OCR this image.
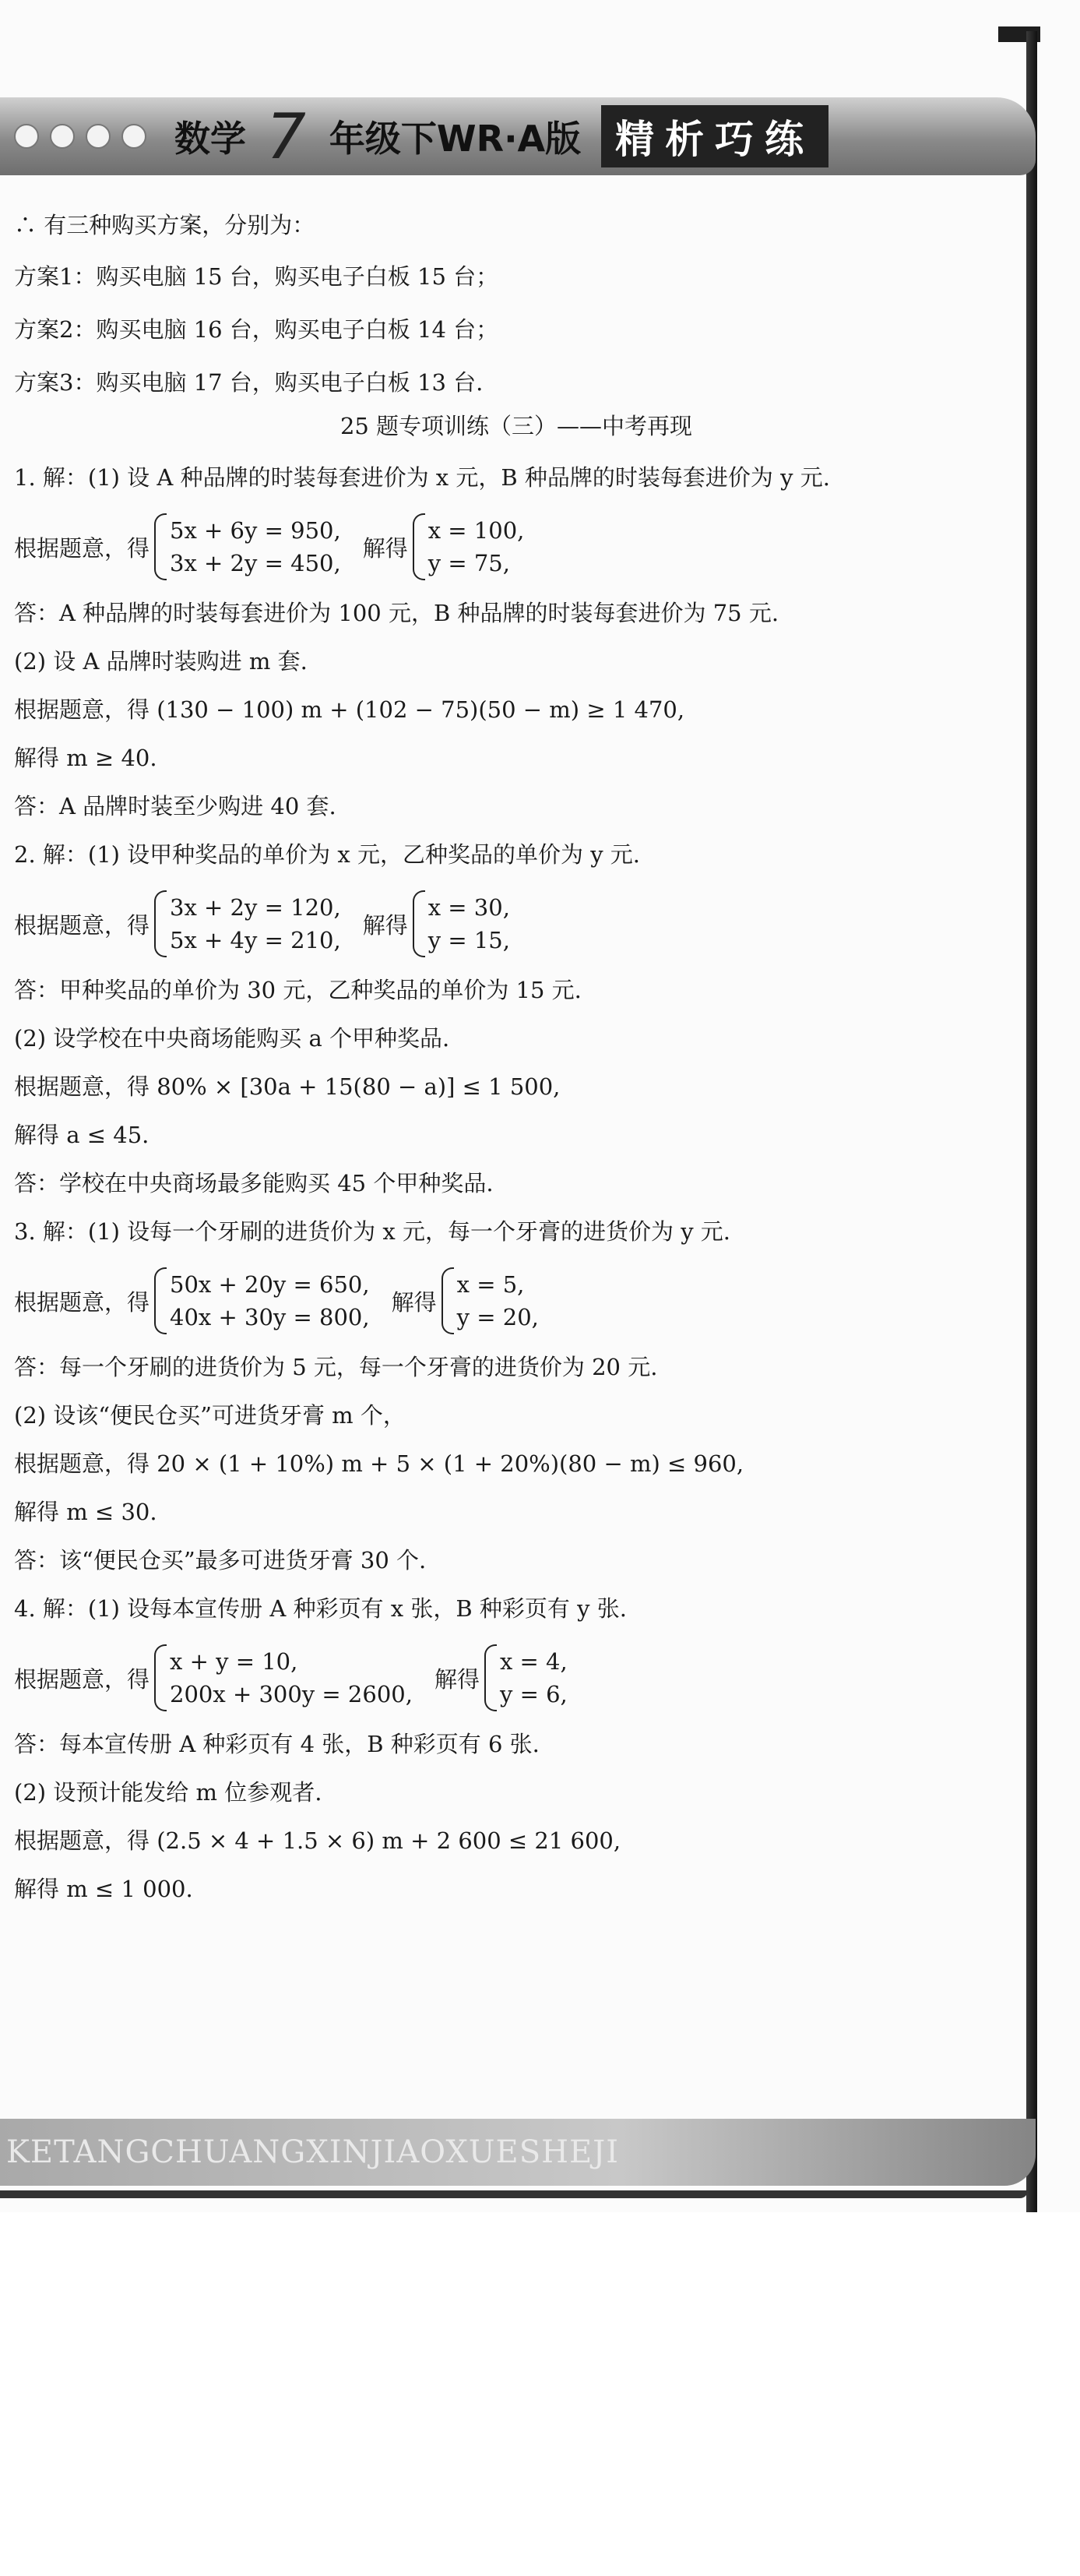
数学 7 年级下WR·A版 精析巧练
∴ 有三种购买方案，分别为：
方案1：购买电脑 15 台，购买电子白板 15 台；
方案2：购买电脑 16 台，购买电子白板 14 台；
方案3：购买电脑 17 台，购买电子白板 13 台.
25 题专项训练（三）——中考再现
1. 解：(1) 设 A 种品牌的时装每套进价为 x 元，B 种品牌的时装每套进价为 y 元.
根据题意，得
5x + 6y = 950,
3x + 2y = 450,
解得
x = 100,
y = 75,
答：A 种品牌的时装每套进价为 100 元，B 种品牌的时装每套进价为 75 元.
(2) 设 A 品牌时装购进 m 套.
根据题意，得 (130 − 100) m + (102 − 75)(50 − m) ≥ 1 470,
解得 m ≥ 40.
答：A 品牌时装至少购进 40 套.
2. 解：(1) 设甲种奖品的单价为 x 元，乙种奖品的单价为 y 元.
根据题意，得
3x + 2y = 120,
5x + 4y = 210,
解得
x = 30,
y = 15,
答：甲种奖品的单价为 30 元，乙种奖品的单价为 15 元.
(2) 设学校在中央商场能购买 a 个甲种奖品.
根据题意，得 80% × [30a + 15(80 − a)] ≤ 1 500,
解得 a ≤ 45.
答：学校在中央商场最多能购买 45 个甲种奖品.
3. 解：(1) 设每一个牙刷的进货价为 x 元，每一个牙膏的进货价为 y 元.
根据题意，得
50x + 20y = 650,
40x + 30y = 800,
解得
x = 5,
y = 20,
答：每一个牙刷的进货价为 5 元，每一个牙膏的进货价为 20 元.
(2) 设该“便民仓买”可进货牙膏 m 个，
根据题意，得 20 × (1 + 10%) m + 5 × (1 + 20%)(80 − m) ≤ 960,
解得 m ≤ 30.
答：该“便民仓买”最多可进货牙膏 30 个.
4. 解：(1) 设每本宣传册 A 种彩页有 x 张，B 种彩页有 y 张.
根据题意，得
x + y = 10,
200x + 300y = 2600,
解得
x = 4,
y = 6,
答：每本宣传册 A 种彩页有 4 张，B 种彩页有 6 张.
(2) 设预计能发给 m 位参观者.
根据题意，得 (2.5 × 4 + 1.5 × 6) m + 2 600 ≤ 21 600,
解得 m ≤ 1 000.
KETANGCHUANGXINJIAOXUESHEJI
